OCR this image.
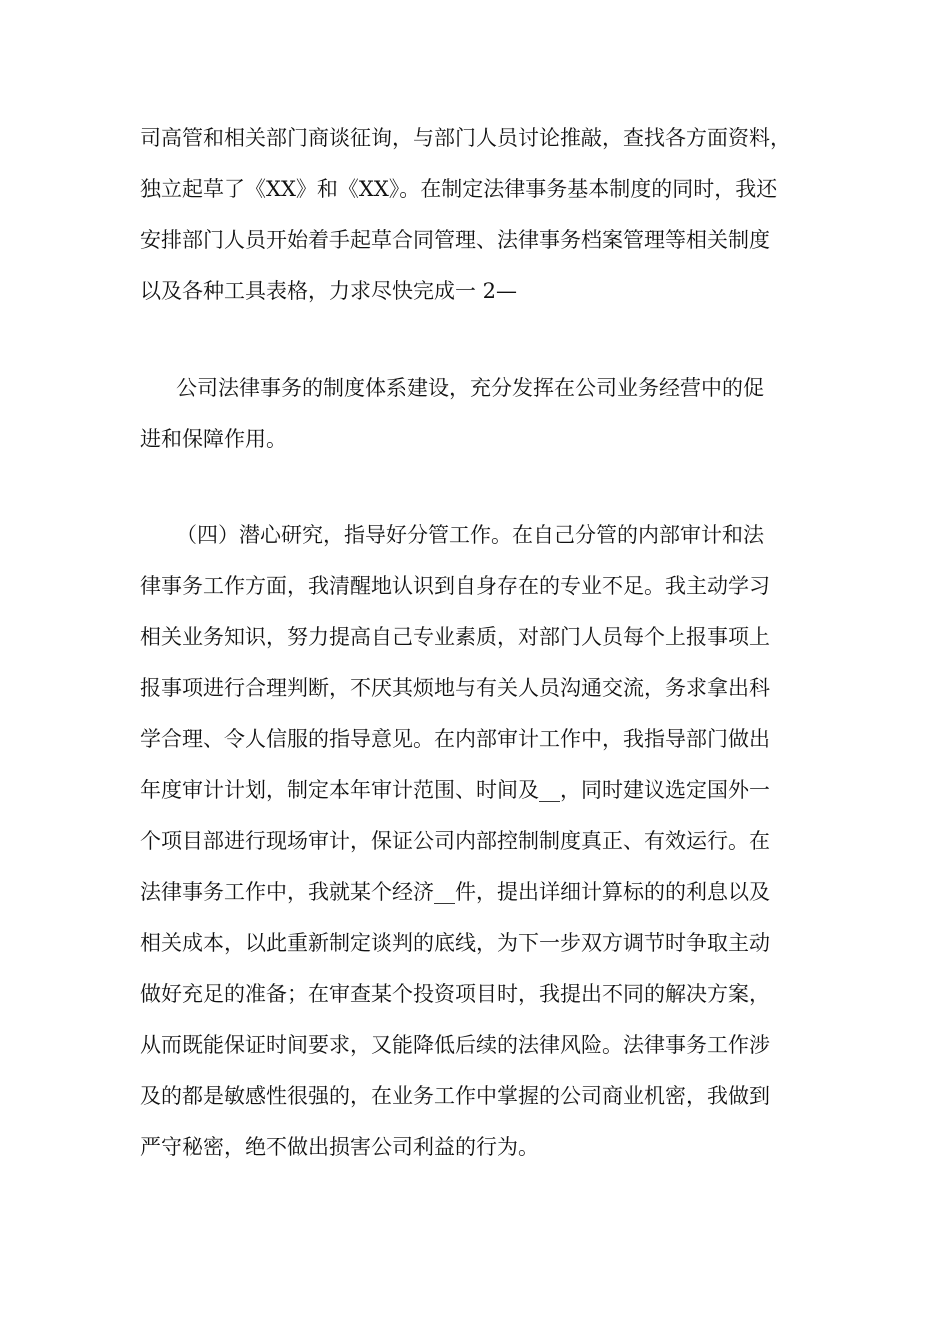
司高管和相关部门商谈征询，与部门人员讨论推敲，查找各方面资料，

独立起草了《XX》和《XX》。在制定法律事务基本制度的同时，我还

安排部门人员开始着手起草合同管理、法律事务档案管理等相关制度

以及各种工具表格，力求尽快完成一 2—

公司法律事务的制度体系建设，充分发挥在公司业务经营中的促

进和保障作用。

（四）潜心研究，指导好分管工作。在自己分管的内部审计和法

律事务工作方面，我清醒地认识到自身存在的专业不足。我主动学习

相关业务知识，努力提高自己专业素质，对部门人员每个上报事项上

报事项进行合理判断，不厌其烦地与有关人员沟通交流，务求拿出科

学合理、令人信服的指导意见。在内部审计工作中，我指导部门做出

年度审计计划，制定本年审计范围、时间及__，同时建议选定国外一

个项目部进行现场审计，保证公司内部控制制度真正、有效运行。在

法律事务工作中，我就某个经济__件，提出详细计算标的的利息以及

相关成本，以此重新制定谈判的底线，为下一步双方调节时争取主动

做好充足的准备；在审查某个投资项目时，我提出不同的解决方案，

从而既能保证时间要求，又能降低后续的法律风险。法律事务工作涉

及的都是敏感性很强的，在业务工作中掌握的公司商业机密，我做到

严守秘密，绝不做出损害公司利益的行为。
